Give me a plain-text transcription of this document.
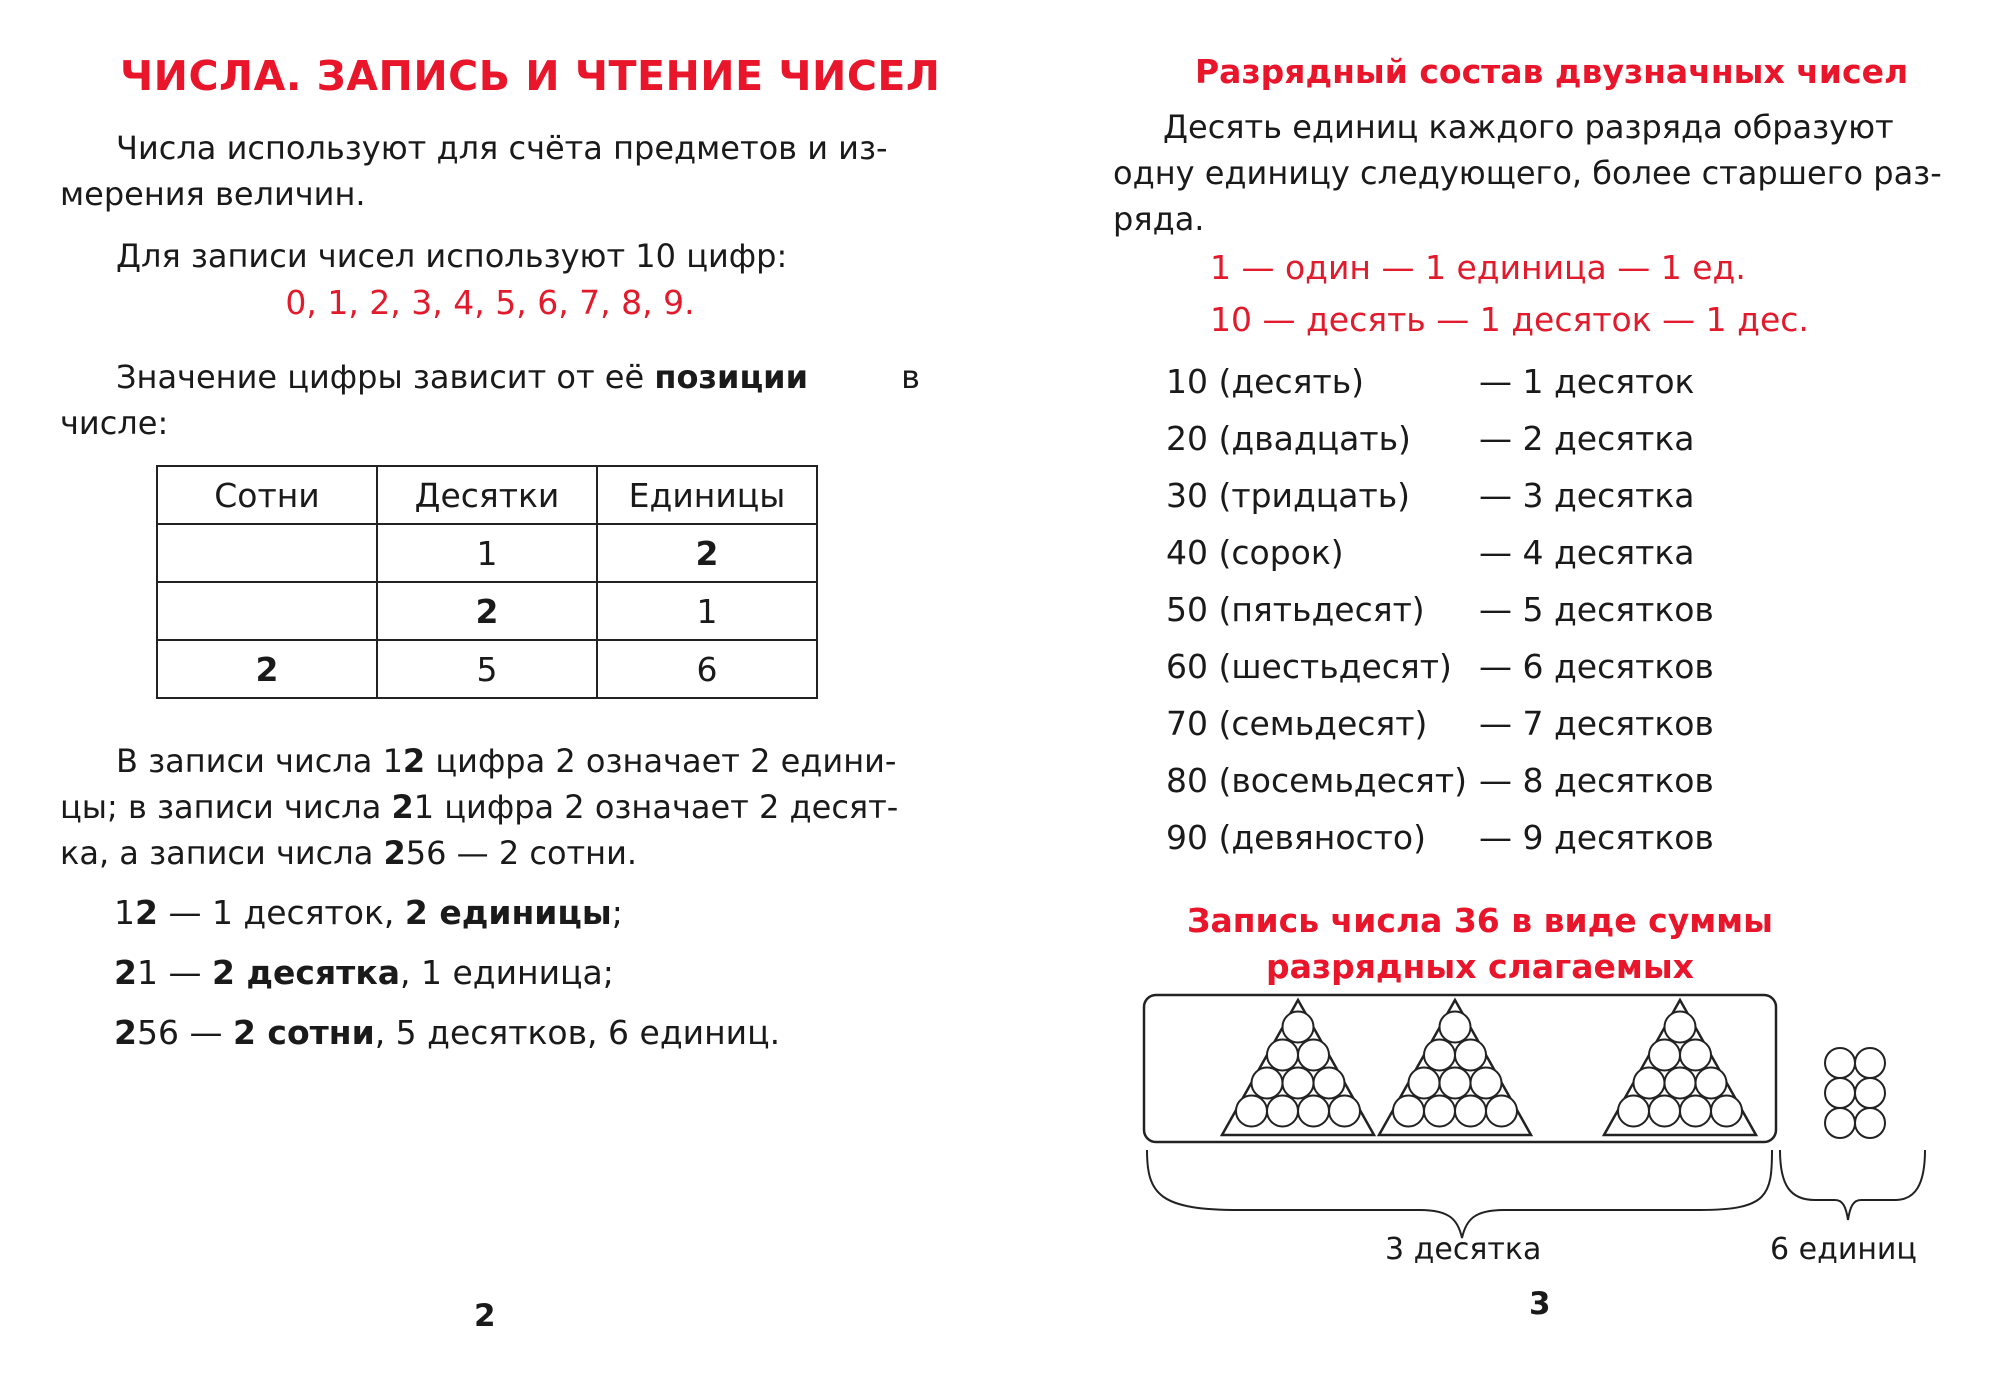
ЧИСЛА. ЗАПИСЬ И ЧТЕНИЕ ЧИСЕЛ
Числа используют для счёта предметов и из-
мерения величин.
Для записи чисел используют 10 цифр:
0, 1, 2, 3, 4, 5, 6, 7, 8, 9.
Значение цифры зависит от её позиции	в
числе:
Сотни	Десятки	Единицы
	1	2
	2	1
2	5	6
В записи числа 12 цифра 2 означает 2 едини-
цы; в записи числа 21 цифра 2 означает 2 десят-
ка, а записи числа 256 — 2 сотни.
12 — 1 десяток, 2 единицы;
21 — 2 десятка, 1 единица;
256 — 2 сотни, 5 десятков, 6 единиц.
2
Разрядный состав двузначных чисел
Десять единиц каждого разряда образуют
одну единицу следующего, более старшего раз-
ряда.
1 — один — 1 единица — 1 ед.
10 — десять — 1 десяток — 1 дес.
10 (десять)	— 1 десяток
20 (двадцать) — 2 десятка
30 (тридцать) — 3 десятка
40 (сорок)	— 4 десятка
50 (пятьдесят) — 5 десятков
60 (шестьдесят) — 6 десятков
70 (семьдесят) — 7 десятков
80 (восемьдесят) — 8 десятков
90 (девяносто) — 9 десятков
Запись числа 36 в виде суммы
разрядных слагаемых
3 десятка	6 единиц
3
